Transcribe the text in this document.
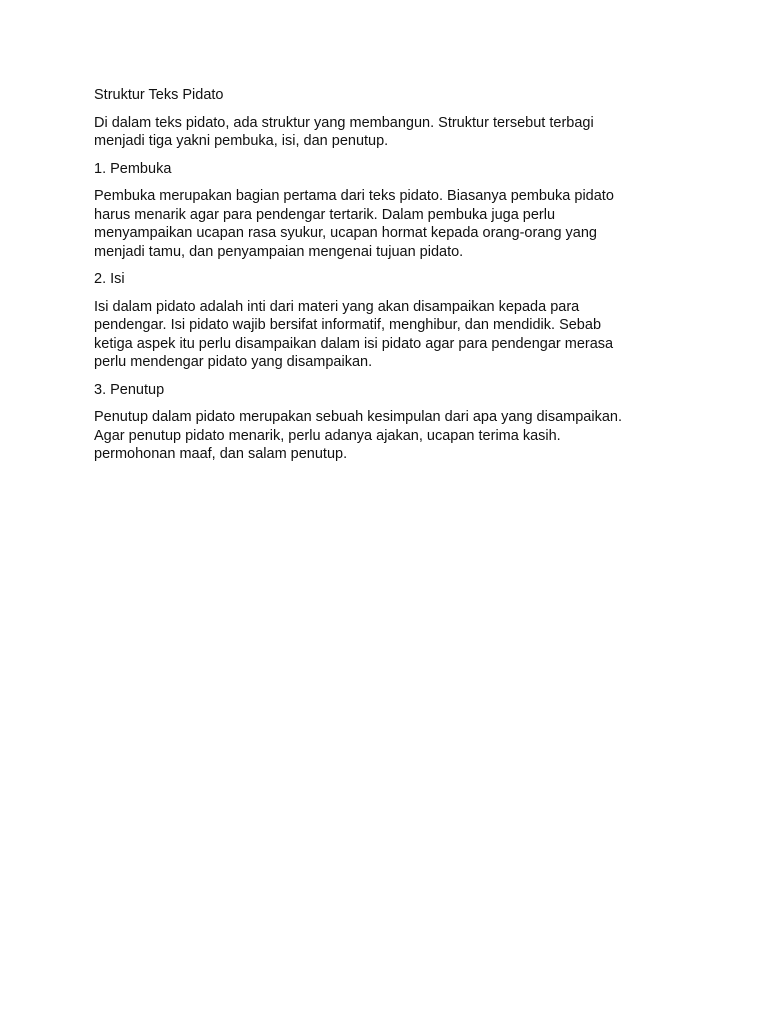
Struktur Teks Pidato

Di dalam teks pidato, ada struktur yang membangun. Struktur tersebut terbagi
menjadi tiga yakni pembuka, isi, dan penutup.

1. Pembuka

Pembuka merupakan bagian pertama dari teks pidato. Biasanya pembuka pidato
harus menarik agar para pendengar tertarik. Dalam pembuka juga perlu
menyampaikan ucapan rasa syukur, ucapan hormat kepada orang-orang yang
menjadi tamu, dan penyampaian mengenai tujuan pidato.

2. Isi

Isi dalam pidato adalah inti dari materi yang akan disampaikan kepada para
pendengar. Isi pidato wajib bersifat informatif, menghibur, dan mendidik. Sebab
ketiga aspek itu perlu disampaikan dalam isi pidato agar para pendengar merasa
perlu mendengar pidato yang disampaikan.

3. Penutup

Penutup dalam pidato merupakan sebuah kesimpulan dari apa yang disampaikan.
Agar penutup pidato menarik, perlu adanya ajakan, ucapan terima kasih.
permohonan maaf, dan salam penutup.
